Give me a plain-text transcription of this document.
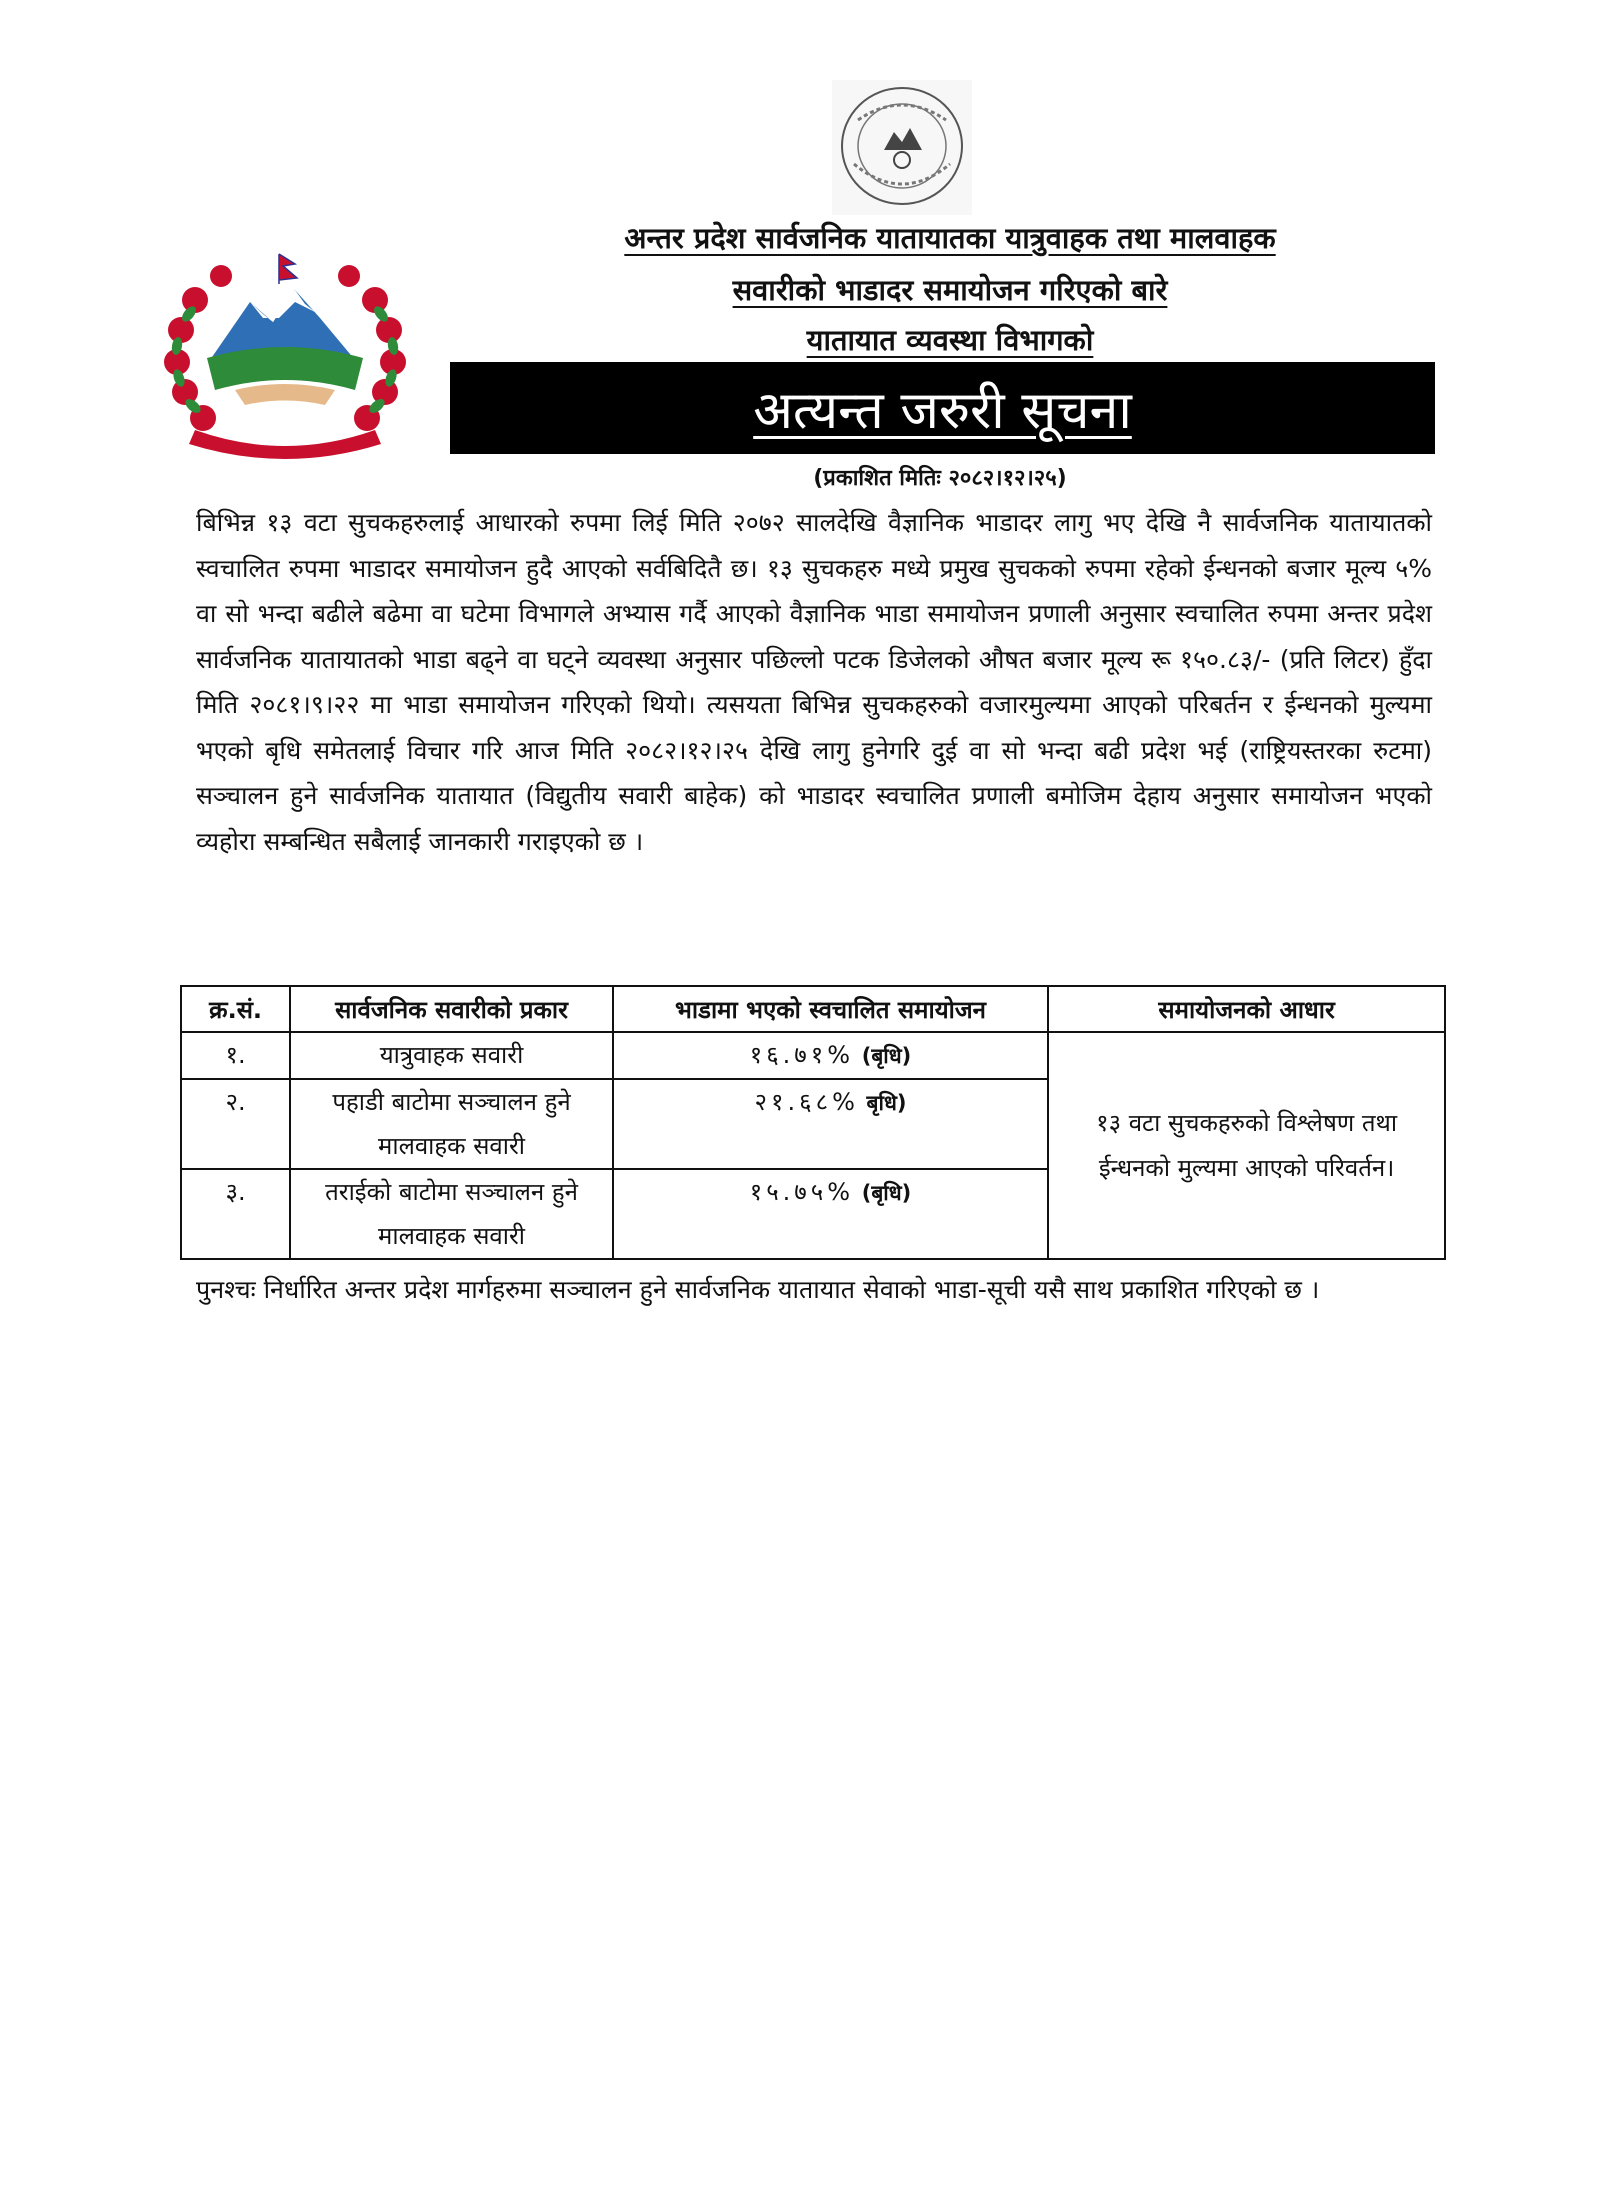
अन्तर प्रदेश सार्वजनिक यातायातका यात्रुवाहक तथा मालवाहक
सवारीको भाडादर समायोजन गरिएको बारे
यातायात व्यवस्था विभागको
अत्यन्त जरुरी सूचना
(प्रकाशित मितिः २०८२।१२।२५)

बिभिन्न १३ वटा सुचकहरुलाई आधारको रुपमा लिई मिति २०७२ सालदेखि वैज्ञानिक भाडादर लागु भए देखि नै सार्वजनिक यातायातको स्वचालित रुपमा भाडादर समायोजन हुदै आएको सर्वबिदितै छ। १३ सुचकहरु मध्ये प्रमुख सुचकको रुपमा रहेको ईन्धनको बजार मूल्य ५% वा सो भन्दा बढीले बढेमा वा घटेमा विभागले अभ्यास गर्दै आएको वैज्ञानिक भाडा समायोजन प्रणाली अनुसार स्वचालित रुपमा अन्तर प्रदेश सार्वजनिक यातायातको भाडा बढ्ने वा घट्ने व्यवस्था अनुसार पछिल्लो पटक डिजेलको औषत बजार मूल्य रू १५०.८३/- (प्रति लिटर) हुँदा मिति २०८१।९।२२ मा भाडा समायोजन गरिएको थियो। त्यसयता बिभिन्न सुचकहरुको वजारमुल्यमा आएको परिबर्तन र ईन्धनको मुल्यमा भएको बृधि समेतलाई विचार गरि आज मिति २०८२।१२।२५ देखि लागु हुनेगरि दुई वा सो भन्दा बढी प्रदेश भई (राष्ट्रियस्तरका रुटमा) सञ्चालन हुने सार्वजनिक यातायात (विद्युतीय सवारी बाहेक) को भाडादर स्वचालित प्रणाली बमोजिम देहाय अनुसार समायोजन भएको व्यहोरा सम्बन्धित सबैलाई जानकारी गराइएको छ ।

क्र.सं.	सार्वजनिक सवारीको प्रकार	भाडामा भएको स्वचालित समायोजन	समायोजनको आधार
१.	यात्रुवाहक सवारी	१६.७१% (बृधि)	१३ वटा सुचकहरुको विश्लेषण तथा ईन्धनको मुल्यमा आएको परिवर्तन।
२.	पहाडी बाटोमा सञ्चालन हुने मालवाहक सवारी	२१.६८% बृधि)	
३.	तराईको बाटोमा सञ्चालन हुने मालवाहक सवारी	१५.७५% (बृधि)	

पुनश्चः निर्धारित अन्तर प्रदेश मार्गहरुमा सञ्चालन हुने सार्वजनिक यातायात सेवाको भाडा-सूची यसै साथ प्रकाशित गरिएको छ ।
